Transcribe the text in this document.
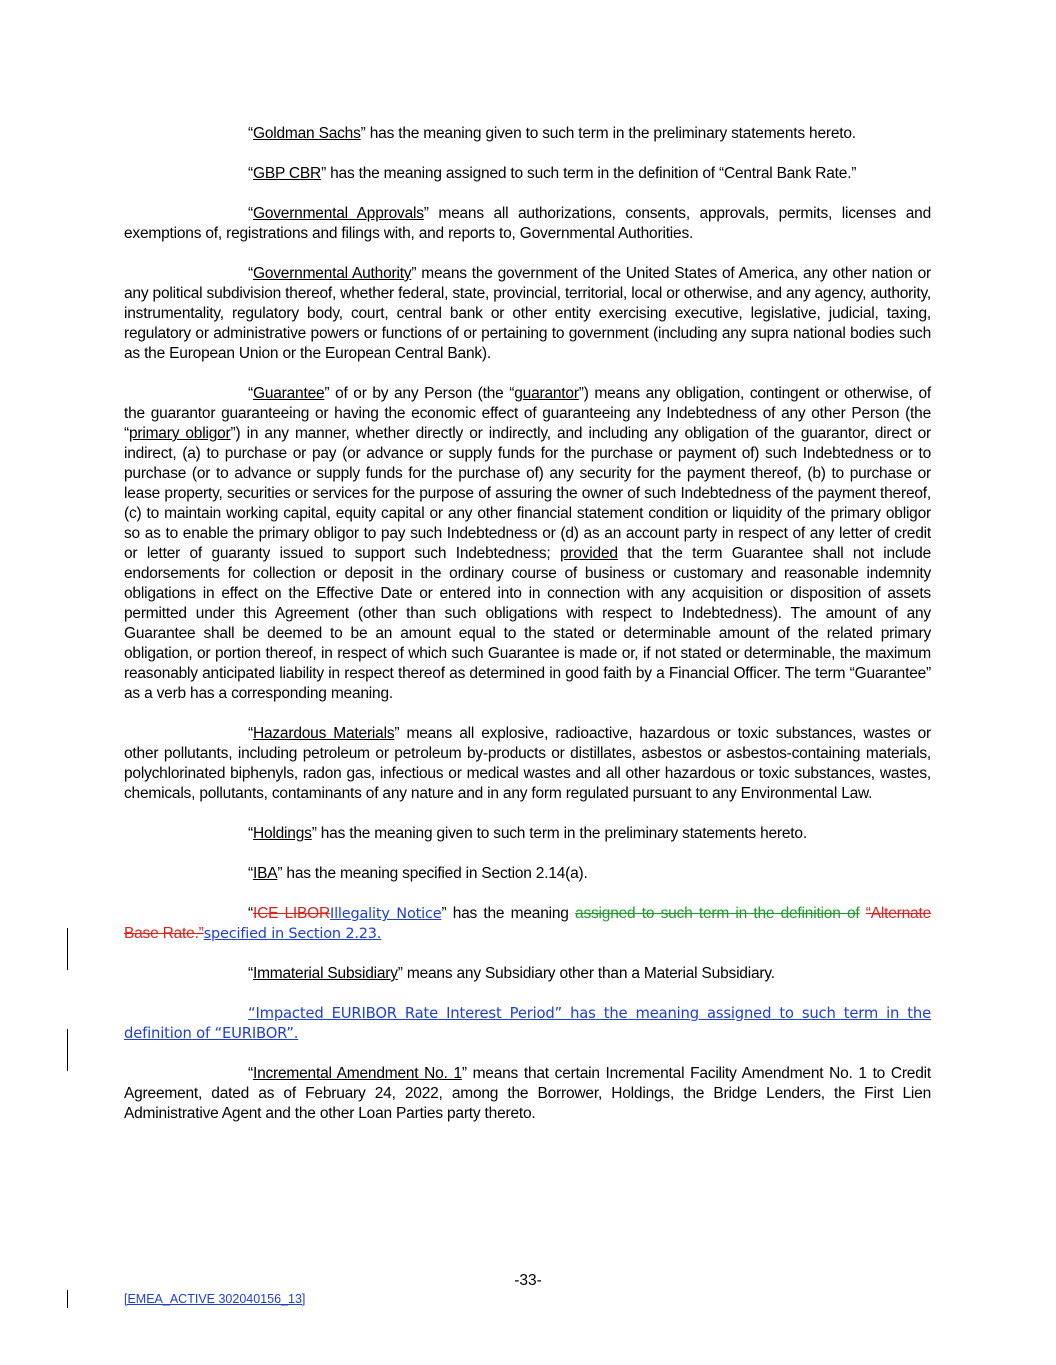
“Goldman Sachs” has the meaning given to such term in the preliminary statements hereto.

“GBP CBR” has the meaning assigned to such term in the definition of “Central Bank Rate.”

“Governmental Approvals” means all authorizations, consents, approvals, permits, licenses and exemptions of, registrations and filings with, and reports to, Governmental Authorities.

“Governmental Authority” means the government of the United States of America, any other nation or any political subdivision thereof, whether federal, state, provincial, territorial, local or otherwise, and any agency, authority, instrumentality, regulatory body, court, central bank or other entity exercising executive, legislative, judicial, taxing, regulatory or administrative powers or functions of or pertaining to government (including any supra national bodies such as the European Union or the European Central Bank).

“Guarantee” of or by any Person (the “guarantor”) means any obligation, contingent or otherwise, of the guarantor guaranteeing or having the economic effect of guaranteeing any Indebtedness of any other Person (the “primary obligor”) in any manner, whether directly or indirectly, and including any obligation of the guarantor, direct or indirect, (a) to purchase or pay (or advance or supply funds for the purchase or payment of) such Indebtedness or to purchase (or to advance or supply funds for the purchase of) any security for the payment thereof, (b) to purchase or lease property, securities or services for the purpose of assuring the owner of such Indebtedness of the payment thereof, (c) to maintain working capital, equity capital or any other financial statement condition or liquidity of the primary obligor so as to enable the primary obligor to pay such Indebtedness or (d) as an account party in respect of any letter of credit or letter of guaranty issued to support such Indebtedness; provided that the term Guarantee shall not include endorsements for collection or deposit in the ordinary course of business or customary and reasonable indemnity obligations in effect on the Effective Date or entered into in connection with any acquisition or disposition of assets permitted under this Agreement (other than such obligations with respect to Indebtedness). The amount of any Guarantee shall be deemed to be an amount equal to the stated or determinable amount of the related primary obligation, or portion thereof, in respect of which such Guarantee is made or, if not stated or determinable, the maximum reasonably anticipated liability in respect thereof as determined in good faith by a Financial Officer. The term “Guarantee” as a verb has a corresponding meaning.

“Hazardous Materials” means all explosive, radioactive, hazardous or toxic substances, wastes or other pollutants, including petroleum or petroleum by-products or distillates, asbestos or asbestos-containing materials, polychlorinated biphenyls, radon gas, infectious or medical wastes and all other hazardous or toxic substances, wastes, chemicals, pollutants, contaminants of any nature and in any form regulated pursuant to any Environmental Law.

“Holdings” has the meaning given to such term in the preliminary statements hereto.

“IBA” has the meaning specified in Section 2.14(a).

“ICE LIBORIllegality Notice” has the meaning assigned to such term in the definition of “Alternate Base Rate.”specified in Section 2.23.

“Immaterial Subsidiary” means any Subsidiary other than a Material Subsidiary.

“Impacted EURIBOR Rate Interest Period” has the meaning assigned to such term in the definition of “EURIBOR”.

“Incremental Amendment No. 1” means that certain Incremental Facility Amendment No. 1 to Credit Agreement, dated as of February 24, 2022, among the Borrower, Holdings, the Bridge Lenders, the First Lien Administrative Agent and the other Loan Parties party thereto.

-33-
[EMEA_ACTIVE 302040156_13]
